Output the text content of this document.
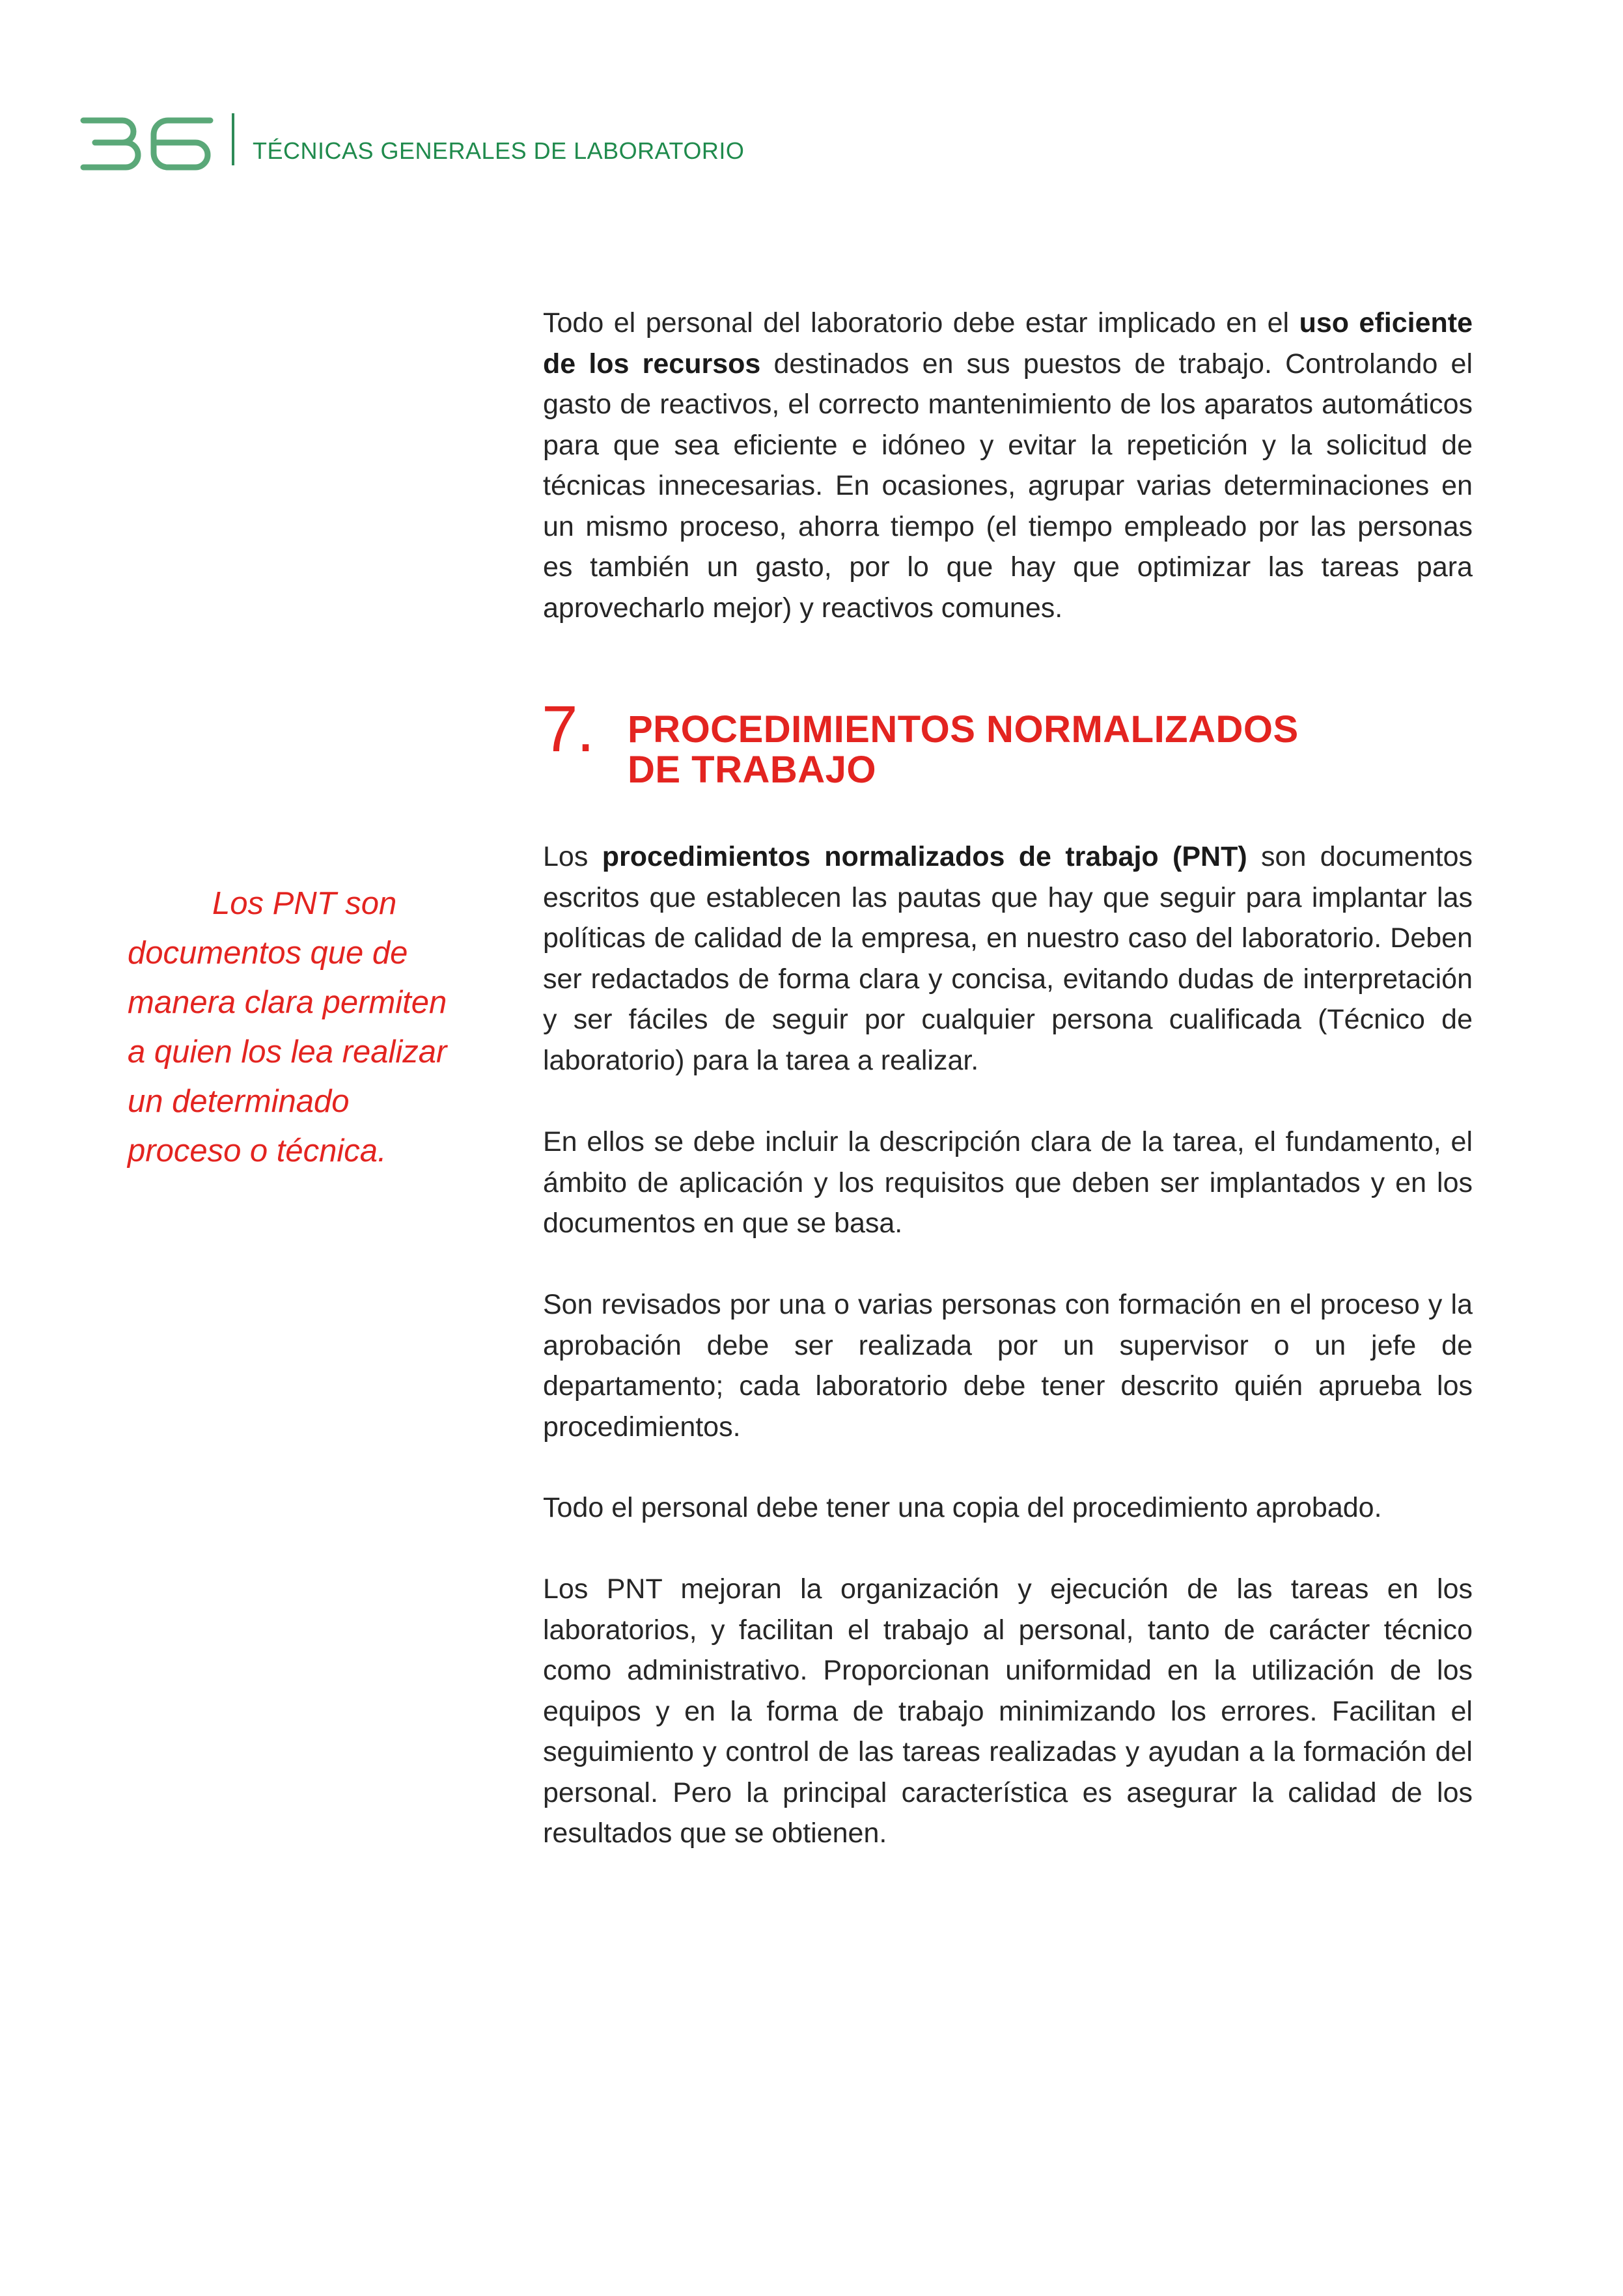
TÉCNICAS GENERALES DE LABORATORIO

Todo el personal del laboratorio debe estar implicado en el uso eficiente de los recursos destinados en sus puestos de trabajo. Controlando el gasto de reactivos, el correcto mantenimiento de los aparatos automáticos para que sea eficiente e idóneo y evitar la repetición y la solicitud de técnicas innecesarias. En ocasiones, agrupar varias determinaciones en un mismo proceso, ahorra tiempo (el tiempo empleado por las personas es también un gasto, por lo que hay que optimizar las tareas para aprovecharlo mejor) y reactivos comunes.

7. PROCEDIMIENTOS NORMALIZADOS
DE TRABAJO
Los PNT son documentos que de manera clara permiten a quien los lea realizar un determinado proceso o técnica.

Los procedimientos normalizados de trabajo (PNT) son documentos escritos que establecen las pautas que hay que seguir para implantar las políticas de calidad de la empresa, en nuestro caso del laboratorio. Deben ser redactados de forma clara y concisa, evitando dudas de interpretación y ser fáciles de seguir por cualquier persona cualificada (Técnico de laboratorio) para la tarea a realizar.

En ellos se debe incluir la descripción clara de la tarea, el fundamento, el ámbito de aplicación y los requisitos que deben ser implantados y en los documentos en que se basa.

Son revisados por una o varias personas con formación en el proceso y la aprobación debe ser realizada por un supervisor o un jefe de departamento; cada laboratorio debe tener descrito quién aprueba los procedimientos.

Todo el personal debe tener una copia del procedimiento aprobado.

Los PNT mejoran la organización y ejecución de las tareas en los laboratorios, y facilitan el trabajo al personal, tanto de carácter técnico como administrativo. Proporcionan uniformidad en la utilización de los equipos y en la forma de trabajo minimizando los errores. Facilitan el seguimiento y control de las tareas realizadas y ayudan a la formación del personal. Pero la principal característica es asegurar la calidad de los resultados que se obtienen.
